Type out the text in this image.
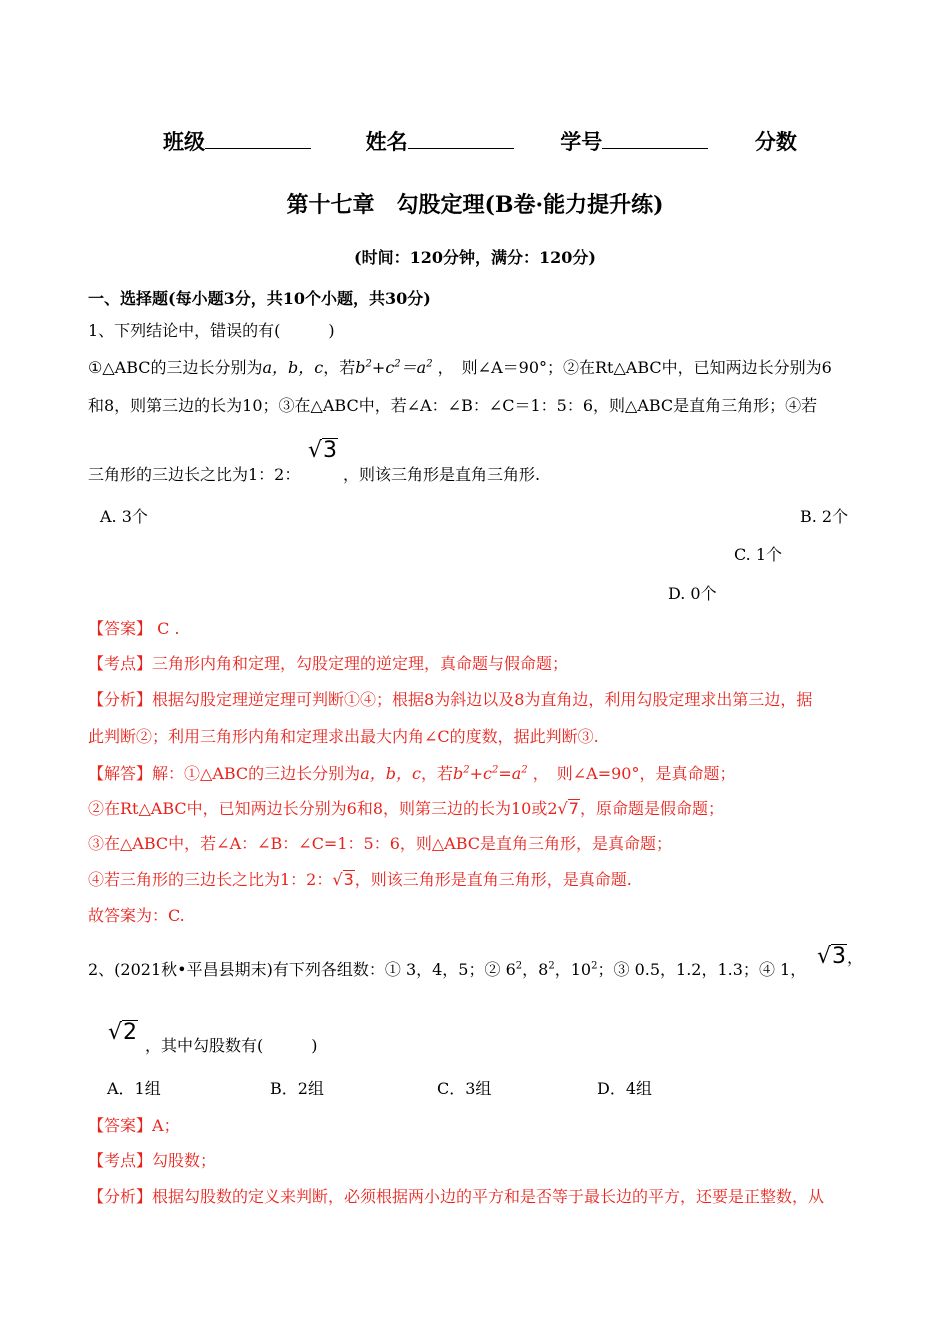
班级	姓名	学号	分数
第十七章　勾股定理(B卷·能力提升练)
(时间：120分钟，满分：120分)
一、选择题(每小题3分，共10个小题，共30分)
1、下列结论中，错误的有(　　　)
①△ABC的三边长分别为a，b，c，若$b^2+c^2=a^2$ ，　则∠A＝90°；②在Rt△ABC中，已知两边长分别为6
和8，则第三边的长为10；③在△ABC中，若∠A：∠B：∠C＝1：5：6，则△ABC是直角三角形；④若
三角形的三边长之比为1：2：
√3
，则该三角形是直角三角形.
A. 3个	B. 2个
C. 1个
D. 0个
【答案】 C .
【考点】三角形内角和定理，勾股定理的逆定理，真命题与假命题；
【分析】根据勾股定理逆定理可判断①④；根据8为斜边以及8为直角边，利用勾股定理求出第三边，据
此判断②；利用三角形内角和定理求出最大内角∠C的度数，据此判断③.
【解答】解：①△ABC的三边长分别为a，b，c，若$b^2+c^2=a^2$ ，　则∠A=90°，是真命题；
②在Rt△ABC中，已知两边长分别为6和8，则第三边的长为10或2√7，原命题是假命题；
③在△ABC中，若∠A：∠B：∠C=1：5：6，则△ABC是直角三角形，是真命题；
④若三角形的三边长之比为1：2：√3，则该三角形是直角三角形，是真命题.
故答案为：C.
2、(2021秋•平昌县期末)有下列各组数：① 3，4，5；② $6^2$，$8^2$，$10^2$；③ 0.5，1.2，1.3；④ 1，
√3，
√2
，其中勾股数有(　　　)
A．1组	B．2组	C．3组	D．4组
【答案】A；
【考点】勾股数；
【分析】根据勾股数的定义来判断，必须根据两小边的平方和是否等于最长边的平方，还要是正整数，从
